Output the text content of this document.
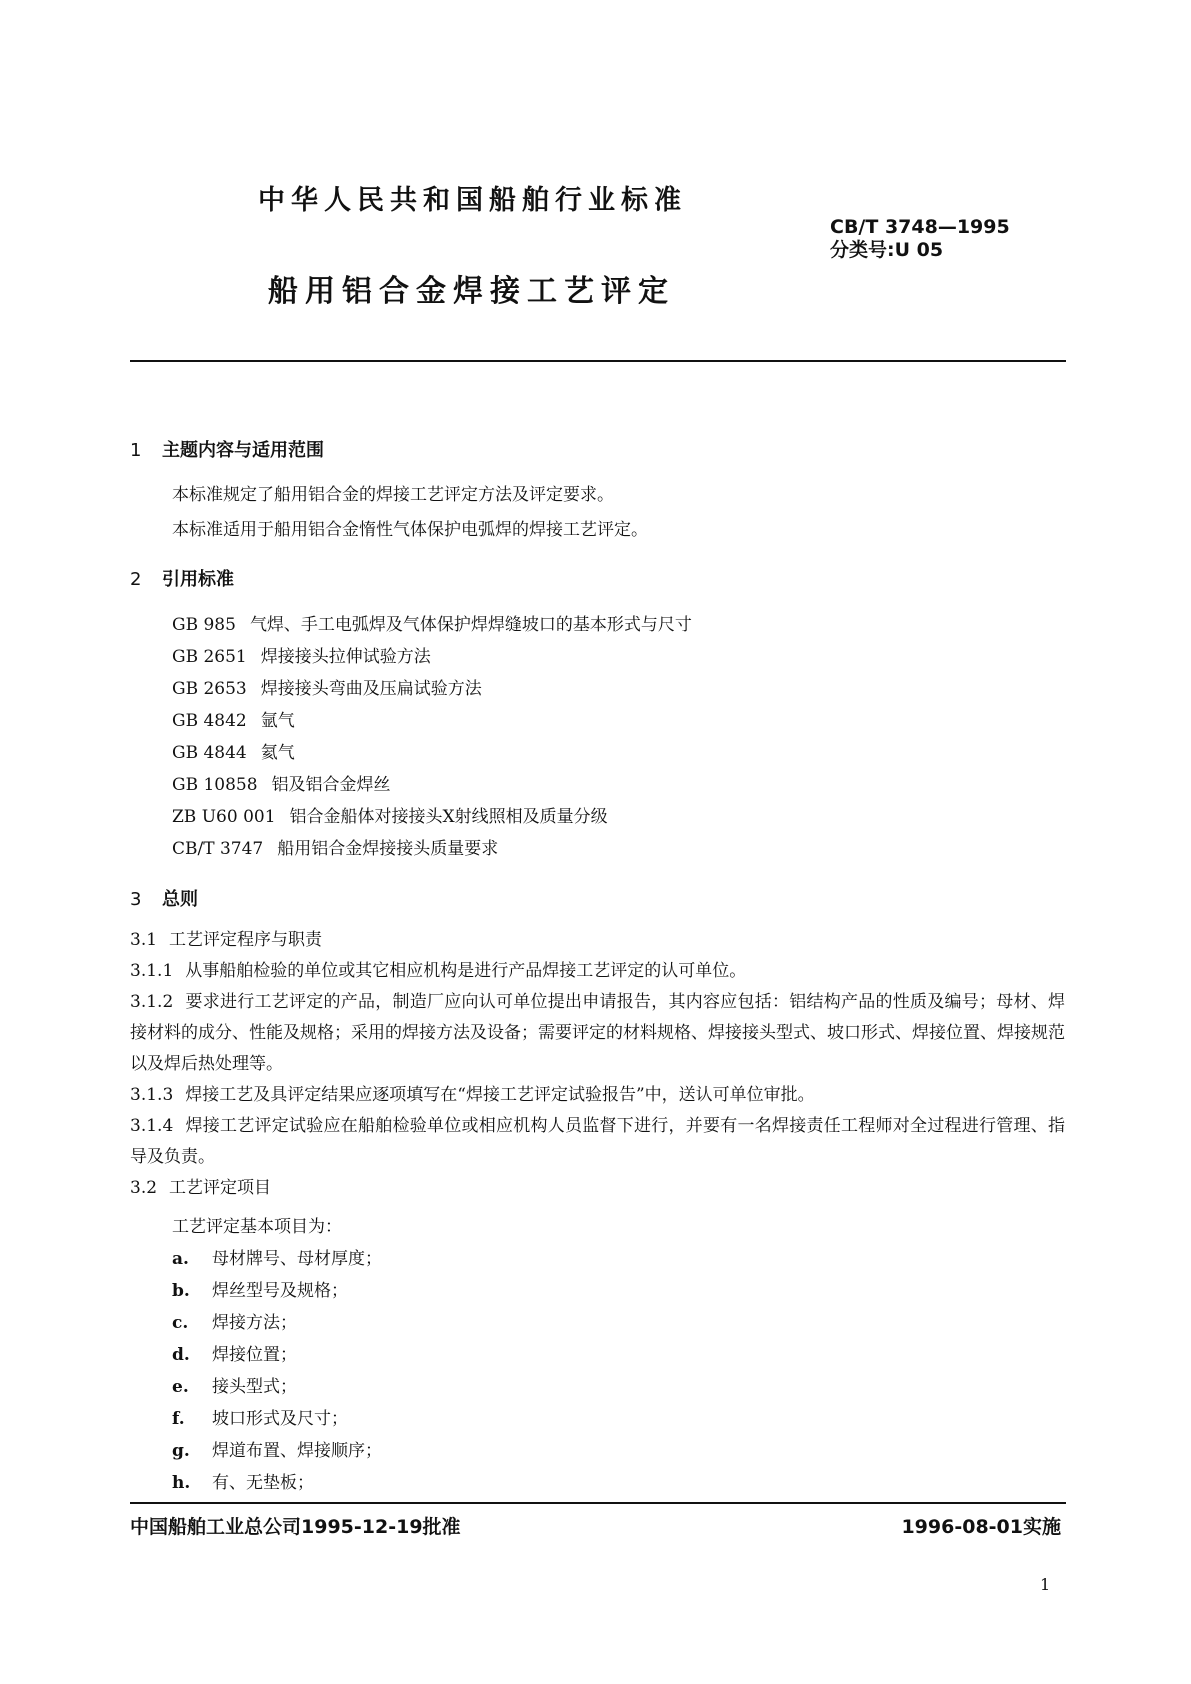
中华人民共和国船舶行业标准
CB/T 3748—1995
分类号:U 05
船用铝合金焊接工艺评定
1 主题内容与适用范围
本标准规定了船用铝合金的焊接工艺评定方法及评定要求。
本标准适用于船用铝合金惰性气体保护电弧焊的焊接工艺评定。
2 引用标准
GB 985 气焊、手工电弧焊及气体保护焊焊缝坡口的基本形式与尺寸
GB 2651 焊接接头拉伸试验方法
GB 2653 焊接接头弯曲及压扁试验方法
GB 4842 氩气
GB 4844 氦气
GB 10858 铝及铝合金焊丝
ZB U60 001 铝合金船体对接接头X射线照相及质量分级
CB/T 3747 船用铝合金焊接接头质量要求
3 总则
3.1 工艺评定程序与职责
3.1.1 从事船舶检验的单位或其它相应机构是进行产品焊接工艺评定的认可单位。
3.1.2 要求进行工艺评定的产品，制造厂应向认可单位提出申请报告，其内容应包括：铝结构产品的性质及编号；母材、焊接材料的成分、性能及规格；采用的焊接方法及设备；需要评定的材料规格、焊接接头型式、坡口形式、焊接位置、焊接规范以及焊后热处理等。
3.1.3 焊接工艺及具评定结果应逐项填写在“焊接工艺评定试验报告”中，送认可单位审批。
3.1.4 焊接工艺评定试验应在船舶检验单位或相应机构人员监督下进行，并要有一名焊接责任工程师对全过程进行管理、指导及负责。
3.2 工艺评定项目
工艺评定基本项目为：
a. 母材牌号、母材厚度；
b. 焊丝型号及规格；
c. 焊接方法；
d. 焊接位置；
e. 接头型式；
f. 坡口形式及尺寸；
g. 焊道布置、焊接顺序；
h. 有、无垫板；
中国船舶工业总公司1995-12-19批准	1996-08-01实施
1
